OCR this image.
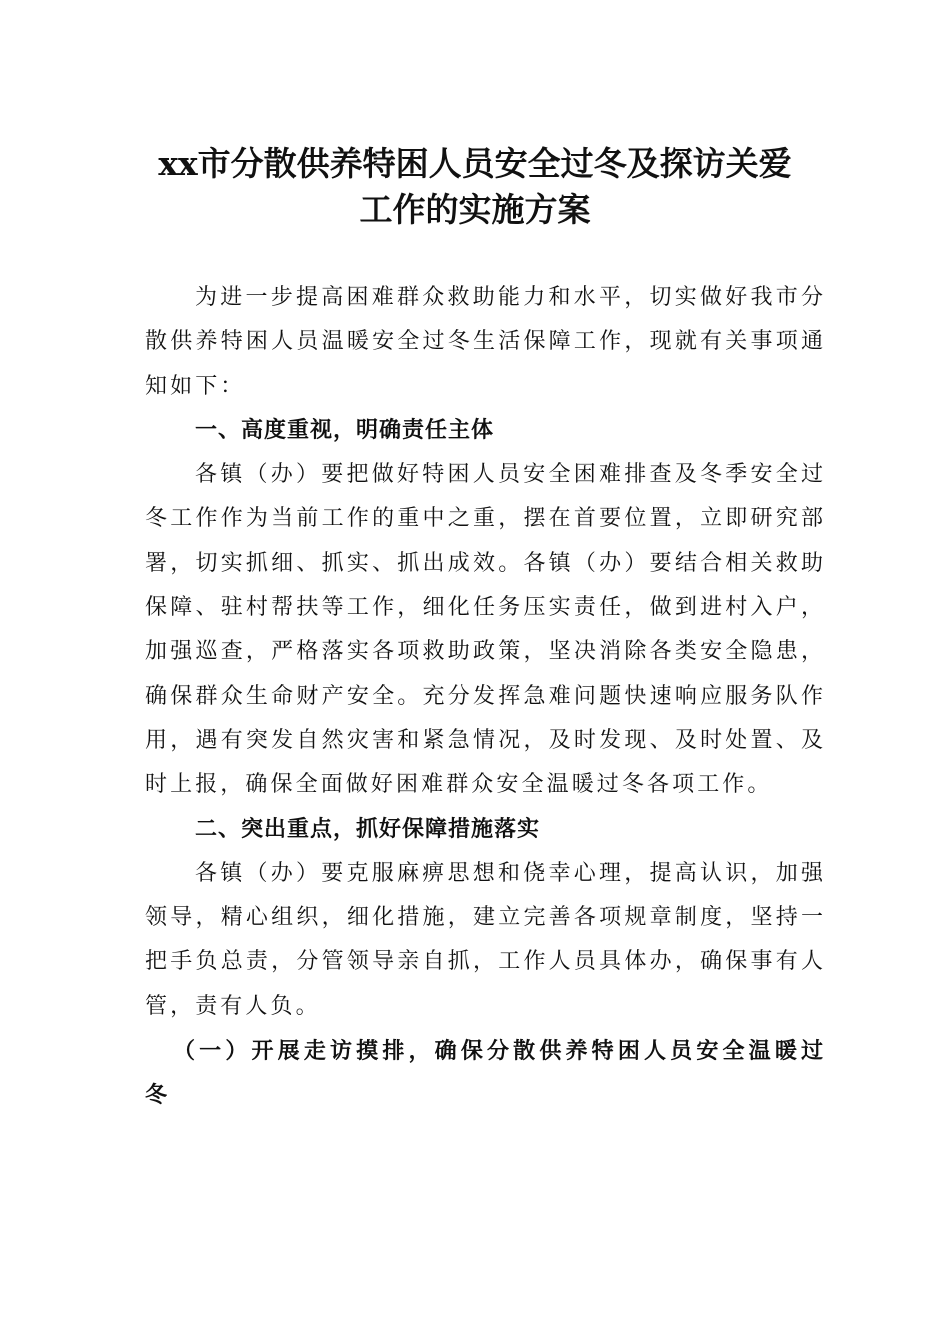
xx市分散供养特困人员安全过冬及探访关爱
工作的实施方案
为进一步提高困难群众救助能力和水平，切实做好我市分
散供养特困人员温暖安全过冬生活保障工作，现就有关事项通
知如下：
一、高度重视，明确责任主体
各镇（办）要把做好特困人员安全困难排查及冬季安全过
冬工作作为当前工作的重中之重，摆在首要位置，立即研究部
署，切实抓细、抓实、抓出成效。各镇（办）要结合相关救助
保障、驻村帮扶等工作，细化任务压实责任，做到进村入户，
加强巡查，严格落实各项救助政策，坚决消除各类安全隐患，
确保群众生命财产安全。充分发挥急难问题快速响应服务队作
用，遇有突发自然灾害和紧急情况，及时发现、及时处置、及
时上报，确保全面做好困难群众安全温暖过冬各项工作。
二、突出重点，抓好保障措施落实
各镇（办）要克服麻痹思想和侥幸心理，提高认识，加强
领导，精心组织，细化措施，建立完善各项规章制度，坚持一
把手负总责，分管领导亲自抓，工作人员具体办，确保事有人
管，责有人负。
（一）开展走访摸排，确保分散供养特困人员安全温暖过
冬
